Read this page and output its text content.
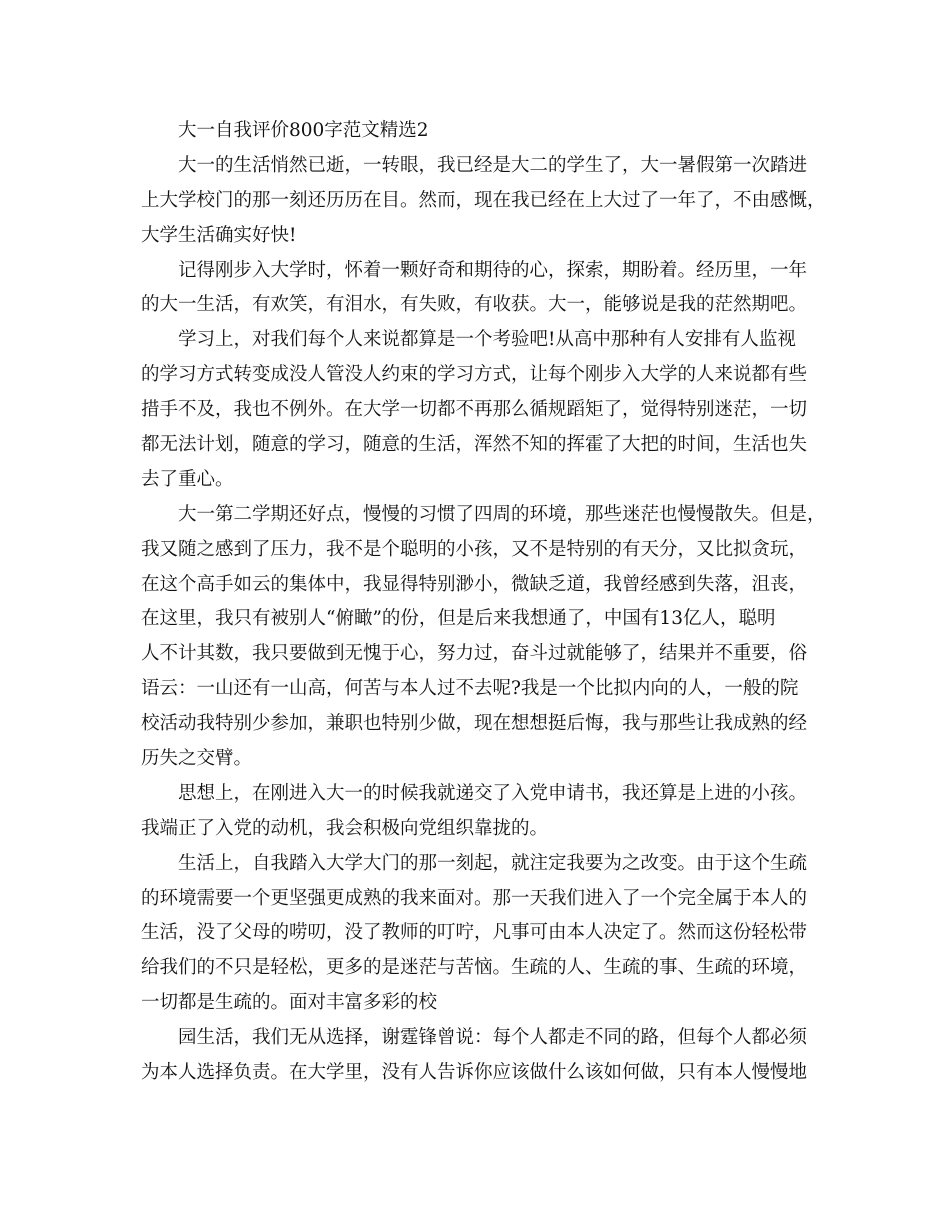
大一自我评价800字范文精选2
大一的生活悄然已逝，一转眼，我已经是大二的学生了，大一暑假第一次踏进
上大学校门的那一刻还历历在目。然而，现在我已经在上大过了一年了，不由感慨，
大学生活确实好快!
记得刚步入大学时，怀着一颗好奇和期待的心，探索，期盼着。经历里，一年
的大一生活，有欢笑，有泪水，有失败，有收获。大一，能够说是我的茫然期吧。
学习上，对我们每个人来说都算是一个考验吧!从高中那种有人安排有人监视
的学习方式转变成没人管没人约束的学习方式，让每个刚步入大学的人来说都有些
措手不及，我也不例外。在大学一切都不再那么循规蹈矩了，觉得特别迷茫，一切
都无法计划，随意的学习，随意的生活，浑然不知的挥霍了大把的时间，生活也失
去了重心。
大一第二学期还好点，慢慢的习惯了四周的环境，那些迷茫也慢慢散失。但是，
我又随之感到了压力，我不是个聪明的小孩，又不是特别的有天分，又比拟贪玩，
在这个高手如云的集体中，我显得特别渺小，微缺乏道，我曾经感到失落，沮丧，
在这里，我只有被别人“俯瞰”的份，但是后来我想通了，中国有13亿人，聪明
人不计其数，我只要做到无愧于心，努力过，奋斗过就能够了，结果并不重要，俗
语云：一山还有一山高，何苦与本人过不去呢?我是一个比拟内向的人，一般的院
校活动我特别少参加，兼职也特别少做，现在想想挺后悔，我与那些让我成熟的经
历失之交臂。
思想上，在刚进入大一的时候我就递交了入党申请书，我还算是上进的小孩。
我端正了入党的动机，我会积极向党组织靠拢的。
生活上，自我踏入大学大门的那一刻起，就注定我要为之改变。由于这个生疏
的环境需要一个更坚强更成熟的我来面对。那一天我们进入了一个完全属于本人的
生活，没了父母的唠叨，没了教师的叮咛，凡事可由本人决定了。然而这份轻松带
给我们的不只是轻松，更多的是迷茫与苦恼。生疏的人、生疏的事、生疏的环境，
一切都是生疏的。面对丰富多彩的校
园生活，我们无从选择，谢霆锋曾说：每个人都走不同的路，但每个人都必须
为本人选择负责。在大学里，没有人告诉你应该做什么该如何做，只有本人慢慢地
